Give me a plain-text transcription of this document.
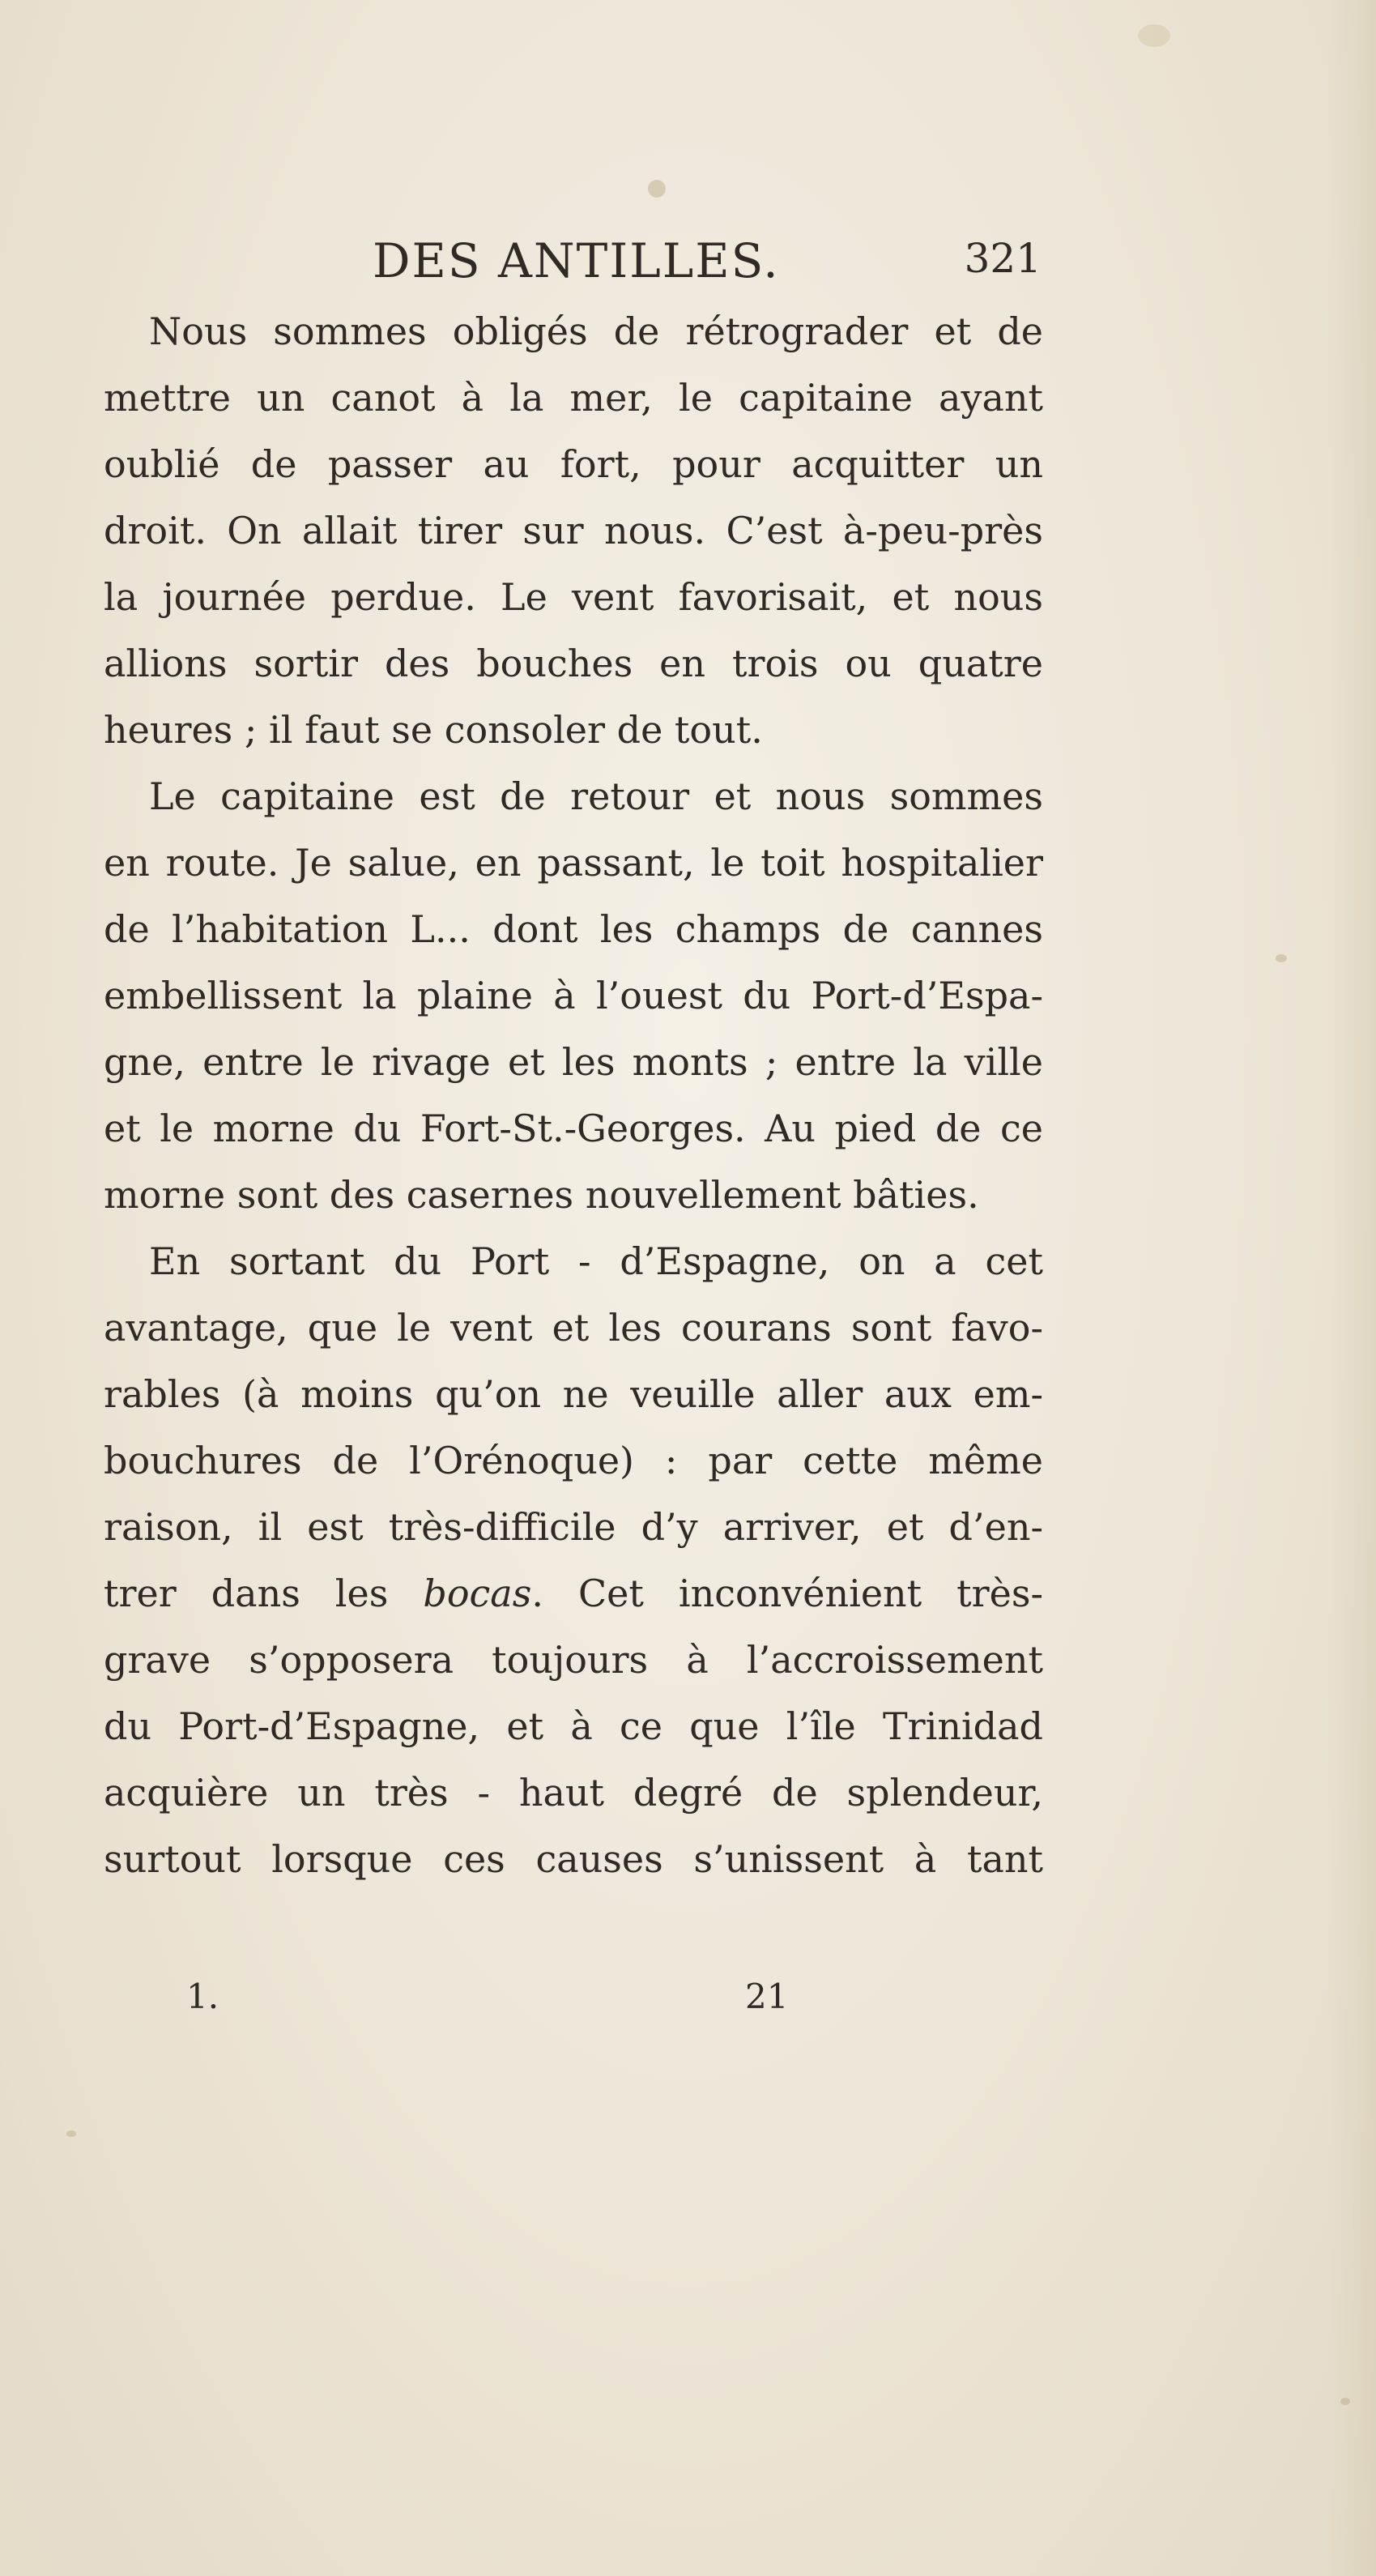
DES ANTILLES.	321
Nous sommes obligés de rétrograder et de
mettre un canot à la mer, le capitaine ayant
oublié de passer au fort, pour acquitter un
droit. On allait tirer sur nous. C’est à-peu-près
la journée perdue. Le vent favorisait, et nous
allions sortir des bouches en trois ou quatre
heures ; il faut se consoler de tout.
Le capitaine est de retour et nous sommes
en route. Je salue, en passant, le toit hospitalier
de l’habitation L... dont les champs de cannes
embellissent la plaine à l’ouest du Port-d’Espa-
gne, entre le rivage et les monts ; entre la ville
et le morne du Fort-St.-Georges. Au pied de ce
morne sont des casernes nouvellement bâties.
En sortant du Port - d’Espagne, on a cet
avantage, que le vent et les courans sont favo-
rables (à moins qu’on ne veuille aller aux em-
bouchures de l’Orénoque) : par cette même
raison, il est très-difficile d’y arriver, et d’en-
trer dans les bocas. Cet inconvénient très-
grave s’opposera toujours à l’accroissement
du Port-d’Espagne, et à ce que l’île Trinidad
acquière un très - haut degré de splendeur,
surtout lorsque ces causes s’unissent à tant
1.	21
